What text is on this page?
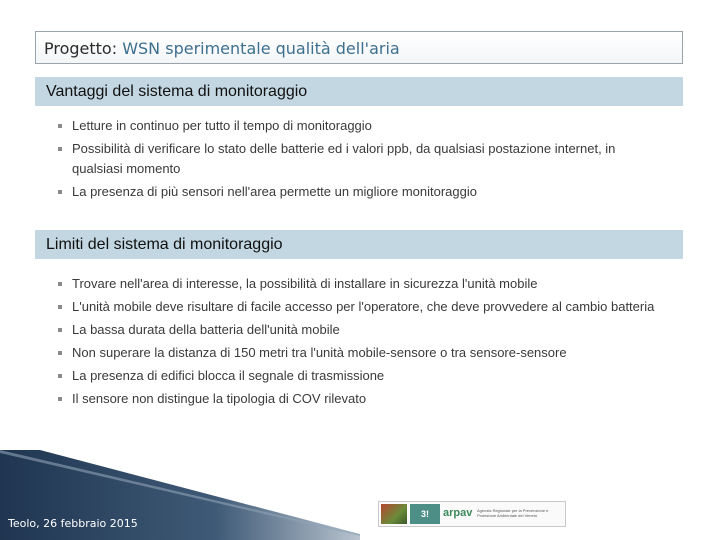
Progetto: WSN sperimentale qualità dell'aria
Vantaggi del sistema di monitoraggio
Letture in continuo per tutto il tempo di monitoraggio
Possibilità di verificare lo stato delle batterie ed i valori ppb, da qualsiasi postazione internet, in qualsiasi momento
La presenza di più sensori nell'area permette un migliore monitoraggio
Limiti del sistema di monitoraggio
Trovare nell'area di interesse, la possibilità di installare in sicurezza l'unità mobile
L'unità mobile deve risultare di facile accesso per l'operatore, che deve provvedere al cambio batteria
La bassa durata della batteria dell'unità mobile
Non superare la distanza di 150 metri tra l'unità mobile-sensore o tra sensore-sensore
La presenza di edifici blocca il segnale di trasmissione
Il sensore non distingue la tipologia di COV rilevato
Teolo, 26 febbraio 2015
3!	arpav Agenzia Regionale per la Prevenzione e Protezione Ambientale del Veneto
